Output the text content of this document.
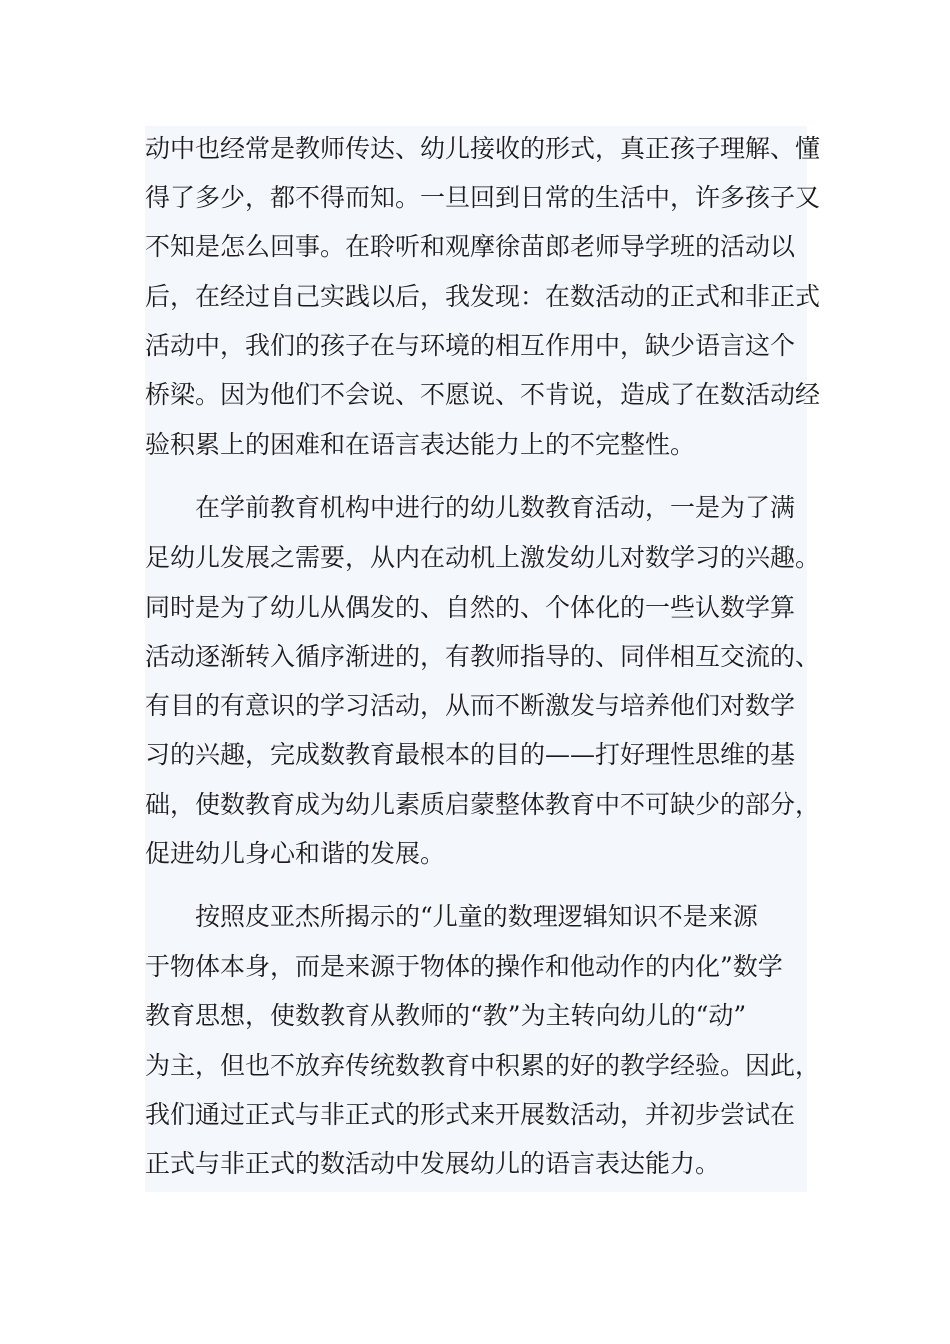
动中也经常是教师传达、幼儿接收的形式，真正孩子理解、懂
得了多少，都不得而知。一旦回到日常的生活中，许多孩子又
不知是怎么回事。在聆听和观摩徐苗郎老师导学班的活动以
后，在经过自己实践以后，我发现：在数活动的正式和非正式
活动中，我们的孩子在与环境的相互作用中，缺少语言这个
桥梁。因为他们不会说、不愿说、不肯说，造成了在数活动经
验积累上的困难和在语言表达能力上的不完整性。
在学前教育机构中进行的幼儿数教育活动，一是为了满
足幼儿发展之需要，从内在动机上激发幼儿对数学习的兴趣。
同时是为了幼儿从偶发的、自然的、个体化的一些认数学算
活动逐渐转入循序渐进的，有教师指导的、同伴相互交流的、
有目的有意识的学习活动，从而不断激发与培养他们对数学
习的兴趣，完成数教育最根本的目的——打好理性思维的基
础，使数教育成为幼儿素质启蒙整体教育中不可缺少的部分，
促进幼儿身心和谐的发展。
按照皮亚杰所揭示的“儿童的数理逻辑知识不是来源
于物体本身，而是来源于物体的操作和他动作的内化”数学
教育思想，使数教育从教师的“教”为主转向幼儿的“动”
为主，但也不放弃传统数教育中积累的好的教学经验。因此，
我们通过正式与非正式的形式来开展数活动，并初步尝试在
正式与非正式的数活动中发展幼儿的语言表达能力。
